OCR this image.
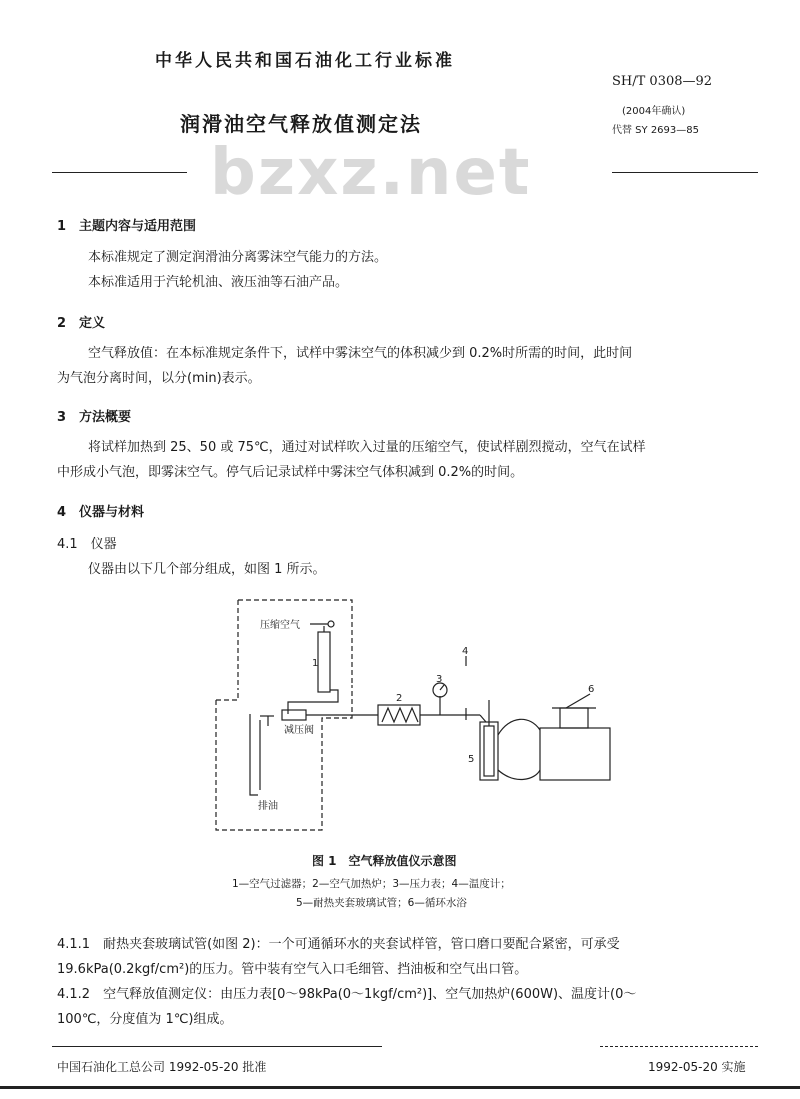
中华人民共和国石油化工行业标准
SH/T 0308—92
(2004年确认)
代替 SY 2693—85
润滑油空气释放值测定法
bzxz.net
1　主题内容与适用范围
本标准规定了测定润滑油分离雾沫空气能力的方法。
本标准适用于汽轮机油、液压油等石油产品。
2　定义
空气释放值：在本标准规定条件下，试样中雾沫空气的体积减少到 0.2%时所需的时间，此时间
为气泡分离时间，以分(min)表示。
3　方法概要
将试样加热到 25、50 或 75℃，通过对试样吹入过量的压缩空气，使试样剧烈搅动，空气在试样
中形成小气泡，即雾沫空气。停气后记录试样中雾沫空气体积减到 0.2%的时间。
4　仪器与材料
4.1　仪器
仪器由以下几个部分组成，如图 1 所示。
压缩空气
1
2
3
4
5
6
减压阀
排油
图 1　空气释放值仪示意图
1—空气过滤器；2—空气加热炉；3—压力表；4—温度计；
5—耐热夹套玻璃试管；6—循环水浴
4.1.1　耐热夹套玻璃试管(如图 2)：一个可通循环水的夹套试样管，管口磨口要配合紧密，可承受
19.6kPa(0.2kgf/cm²)的压力。管中装有空气入口毛细管、挡油板和空气出口管。
4.1.2　空气释放值测定仪：由压力表[0～98kPa(0～1kgf/cm²)]、空气加热炉(600W)、温度计(0～
100℃，分度值为 1℃)组成。
中国石油化工总公司 1992-05-20 批准	1992-05-20 实施
